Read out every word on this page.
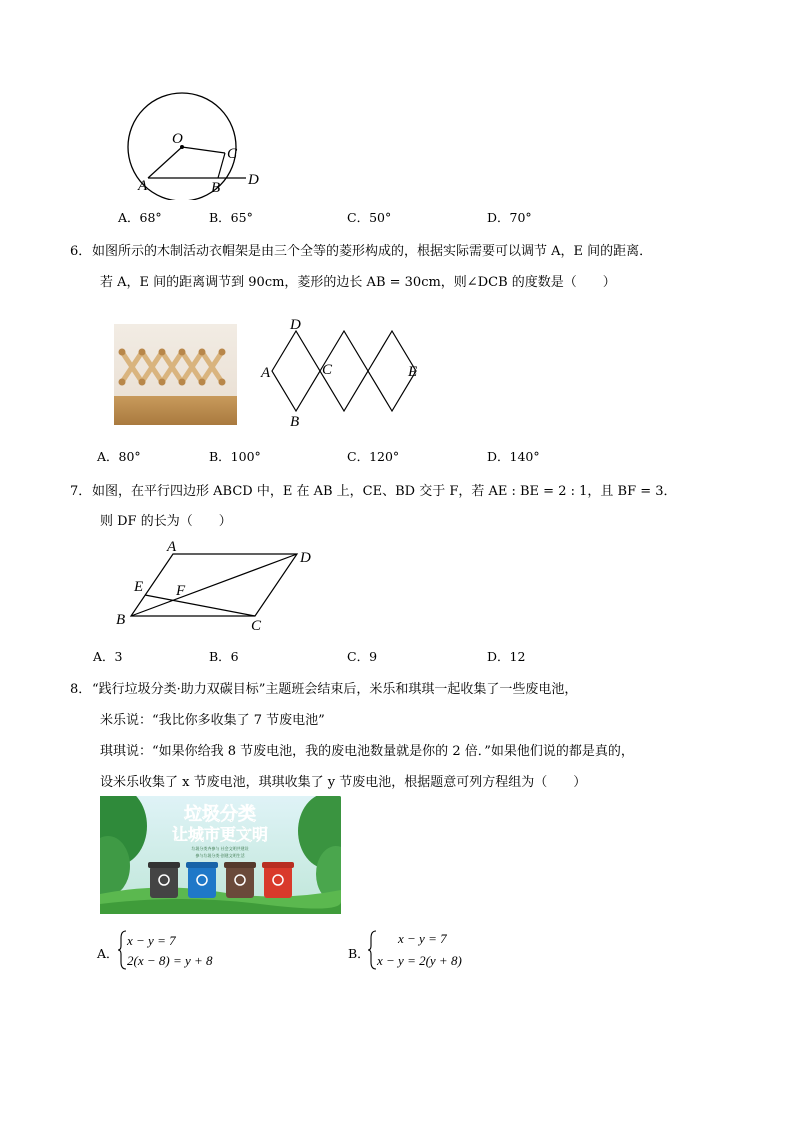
O
C
A	B D
A．68°	B．65°	C．50°	D．70°
6． 如图所示的木制活动衣帽架是由三个全等的菱形构成的，根据实际需要可以调节 A，E 间的距离．
若 A，E 间的距离调节到 90cm，菱形的边长 AB = 30cm，则∠DCB 的度数是（　　）
D
A	C	E
B
A．80°	B．100°	C．120°	D．140°
7． 如图，在平行四边形 ABCD 中，E 在 AB 上，CE、BD 交于 F，若 AE : BE = 2 : 1，且 BF = 3．
则 DF 的长为（　　）
A
D
E F
B	C
A．3	B．6	C．9	D．12
8． “践行垃圾分类·助力双碳目标”主题班会结束后，米乐和琪琪一起收集了一些废电池，
米乐说：“我比你多收集了 7 节废电池”
琪琪说：“如果你给我 8 节废电池，我的废电池数量就是你的 2 倍．”如果他们说的都是真的，
设米乐收集了 x 节废电池，琪琪收集了 y 节废电池，根据题意可列方程组为（　　）
垃圾分类
让城市更文明
垃圾分类齐参与 社会文明共建设
参与垃圾分类·创建文明生活
A．
x − y = 7
2(x − 8) = y + 8	B．
x − y = 7
x − y = 2(y + 8)
